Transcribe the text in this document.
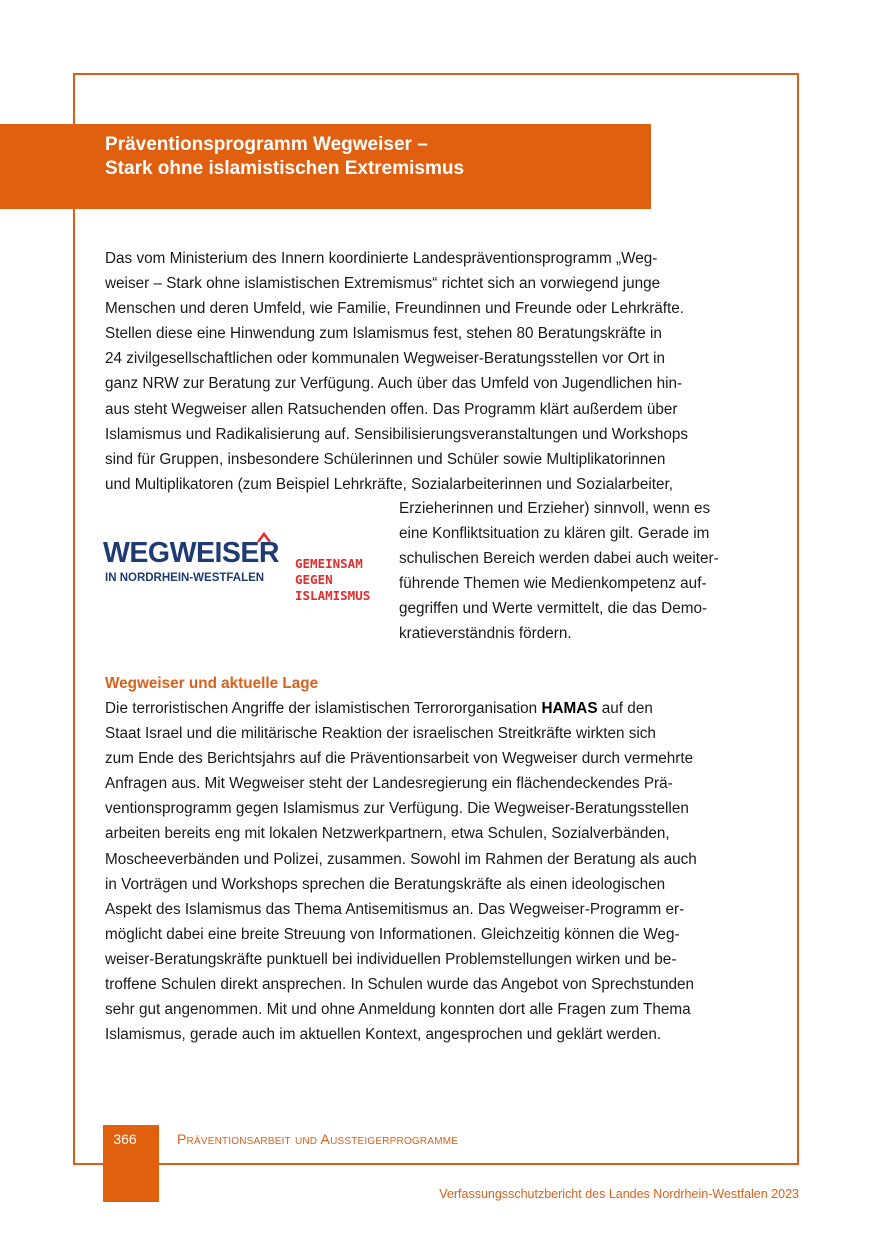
Präventionsprogramm Wegweiser –
Stark ohne islamistischen Extremismus

Das vom Ministerium des Innern koordinierte Landespräventionsprogramm „Weg-
weiser – Stark ohne islamistischen Extremismus“ richtet sich an vorwiegend junge
Menschen und deren Umfeld, wie Familie, Freundinnen und Freunde oder Lehrkräfte.
Stellen diese eine Hinwendung zum Islamismus fest, stehen 80 Beratungskräfte in
24 zivilgesellschaftlichen oder kommunalen Wegweiser-Beratungsstellen vor Ort in
ganz NRW zur Beratung zur Verfügung. Auch über das Umfeld von Jugendlichen hin-
aus steht Wegweiser allen Ratsuchenden offen. Das Programm klärt außerdem über
Islamismus und Radikalisierung auf. Sensibilisierungsveranstaltungen und Workshops
sind für Gruppen, insbesondere Schülerinnen und Schüler sowie Multiplikatorinnen
und Multiplikatoren (zum Beispiel Lehrkräfte, Sozialarbeiterinnen und Sozialarbeiter,

Erzieherinnen und Erzieher) sinnvoll, wenn es
eine Konfliktsituation zu klären gilt. Gerade im
schulischen Bereich werden dabei auch weiter-
führende Themen wie Medienkompetenz auf-
gegriffen und Werte vermittelt, die das Demo-
kratieverständnis fördern.

WEGWEISER
IN NORDRHEIN-WESTFALEN
GEMEINSAM
GEGEN
ISLAMISMUS
Wegweiser und aktuelle Lage

Die terroristischen Angriffe der islamistischen Terrororganisation HAMAS auf den
Staat Israel und die militärische Reaktion der israelischen Streitkräfte wirkten sich
zum Ende des Berichtsjahrs auf die Präventionsarbeit von Wegweiser durch vermehrte
Anfragen aus. Mit Wegweiser steht der Landesregierung ein flächendeckendes Prä-
ventionsprogramm gegen Islamismus zur Verfügung. Die Wegweiser-Beratungsstellen
arbeiten bereits eng mit lokalen Netzwerkpartnern, etwa Schulen, Sozialverbänden,
Moscheeverbänden und Polizei, zusammen. Sowohl im Rahmen der Beratung als auch
in Vorträgen und Workshops sprechen die Beratungskräfte als einen ideologischen
Aspekt des Islamismus das Thema Antisemitismus an. Das Wegweiser-Programm er-
möglicht dabei eine breite Streuung von Informationen. Gleichzeitig können die Weg-
weiser-Beratungskräfte punktuell bei individuellen Problemstellungen wirken und be-
troffene Schulen direkt ansprechen. In Schulen wurde das Angebot von Sprechstunden
sehr gut angenommen. Mit und ohne Anmeldung konnten dort alle Fragen zum Thema
Islamismus, gerade auch im aktuellen Kontext, angesprochen und geklärt werden.

366	Präventionsarbeit und Aussteigerprogramme
Verfassungsschutzbericht des Landes Nordrhein-Westfalen 2023
